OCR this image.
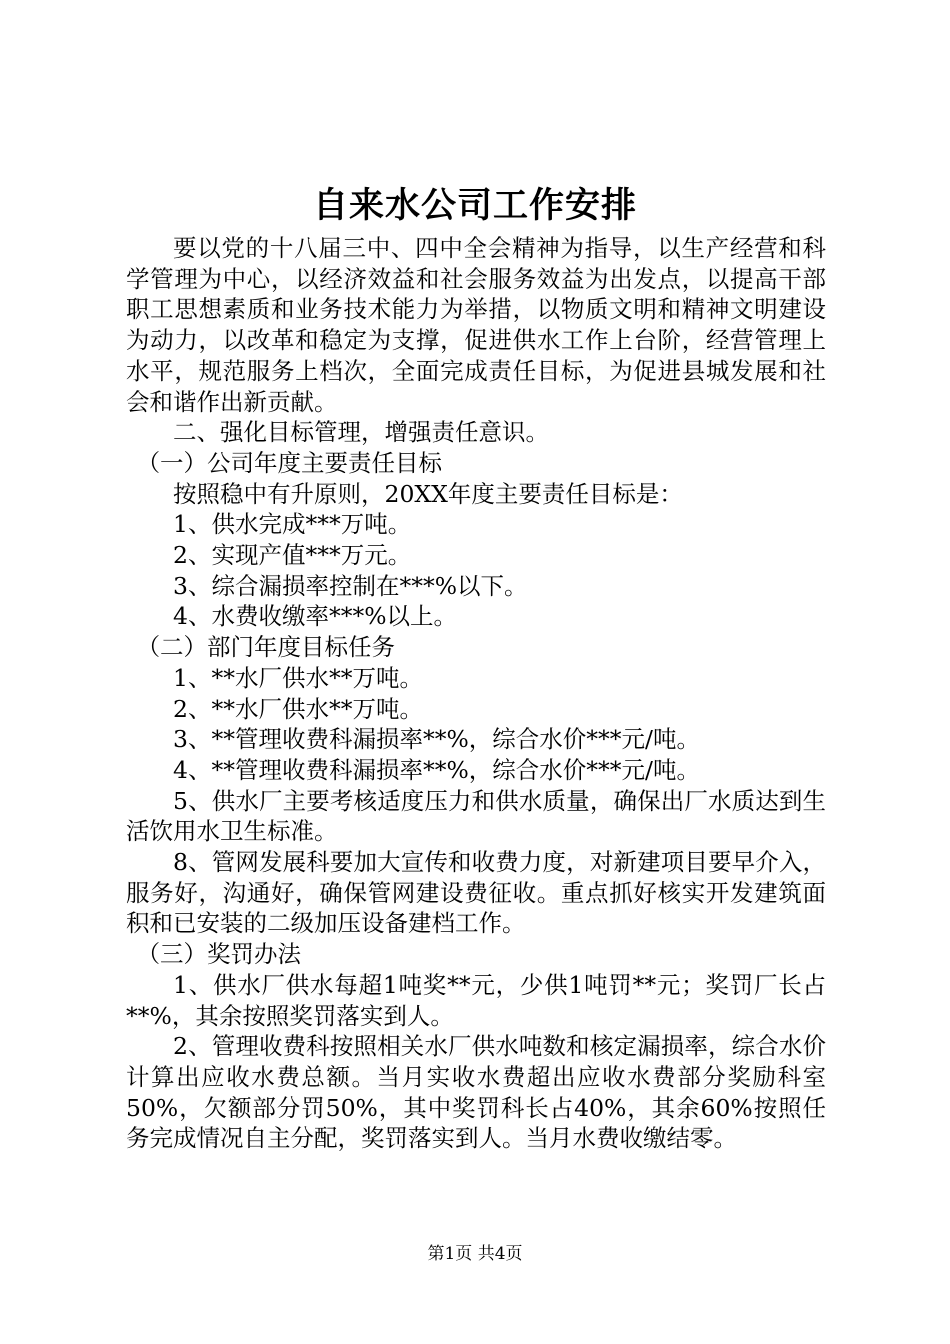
自来水公司工作安排

要以党的十八届三中、四中全会精神为指导，以生产经营和科学管理为中心，以经济效益和社会服务效益为出发点，以提高干部职工思想素质和业务技术能力为举措，以物质文明和精神文明建设为动力，以改革和稳定为支撑，促进供水工作上台阶，经营管理上水平，规范服务上档次，全面完成责任目标，为促进县城发展和社会和谐作出新贡献。

二、强化目标管理，增强责任意识。

（一）公司年度主要责任目标

按照稳中有升原则，20XX年度主要责任目标是：

1、供水完成***万吨。

2、实现产值***万元。

3、综合漏损率控制在***%以下。

4、水费收缴率***%以上。

（二）部门年度目标任务

1、**水厂供水**万吨。

2、**水厂供水**万吨。

3、**管理收费科漏损率**%，综合水价***元/吨。

4、**管理收费科漏损率**%，综合水价***元/吨。

5、供水厂主要考核适度压力和供水质量，确保出厂水质达到生活饮用水卫生标准。

8、管网发展科要加大宣传和收费力度，对新建项目要早介入，服务好，沟通好，确保管网建设费征收。重点抓好核实开发建筑面积和已安装的二级加压设备建档工作。

（三）奖罚办法

1、供水厂供水每超1吨奖**元，少供1吨罚**元；奖罚厂长占**%，其余按照奖罚落实到人。

2、管理收费科按照相关水厂供水吨数和核定漏损率，综合水价计算出应收水费总额。当月实收水费超出应收水费部分奖励科室50%，欠额部分罚50%，其中奖罚科长占40%，其余60%按照任务完成情况自主分配，奖罚落实到人。当月水费收缴结零。

第1页 共4页
